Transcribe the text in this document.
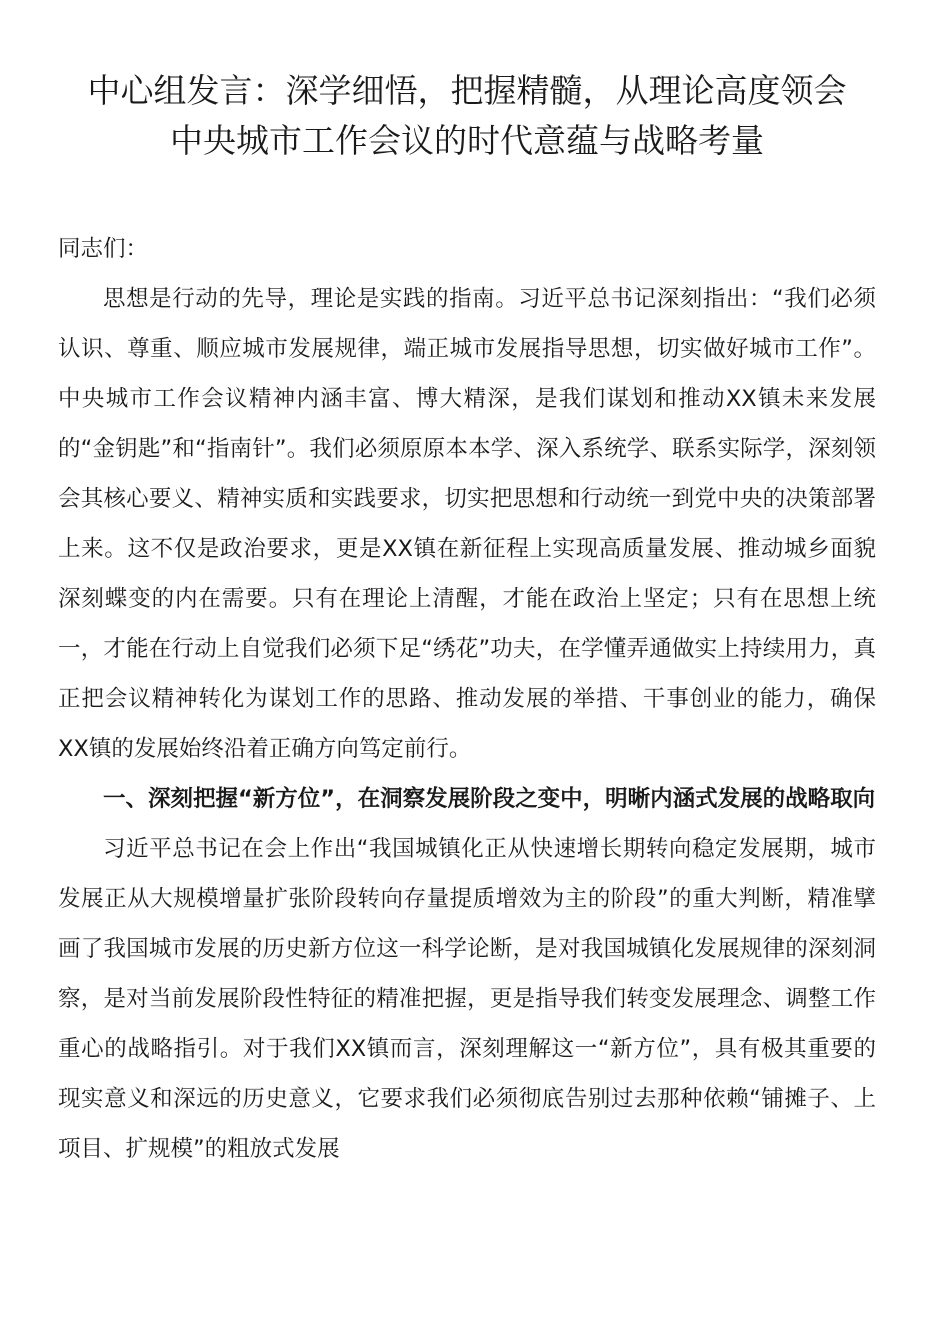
中心组发言：深学细悟，把握精髓，从理论高度领会
中央城市工作会议的时代意蕴与战略考量

同志们：

思想是行动的先导，理论是实践的指南。习近平总书记深刻指出：“我们必须认识、尊重、顺应城市发展规律，端正城市发展指导思想，切实做好城市工作”。中央城市工作会议精神内涵丰富、博大精深，是我们谋划和推动XX镇未来发展的“金钥匙”和“指南针”。我们必须原原本本学、深入系统学、联系实际学，深刻领会其核心要义、精神实质和实践要求，切实把思想和行动统一到党中央的决策部署上来。这不仅是政治要求，更是XX镇在新征程上实现高质量发展、推动城乡面貌深刻蝶变的内在需要。只有在理论上清醒，才能在政治上坚定；只有在思想上统一，才能在行动上自觉我们必须下足“绣花”功夫，在学懂弄通做实上持续用力，真正把会议精神转化为谋划工作的思路、推动发展的举措、干事创业的能力，确保XX镇的发展始终沿着正确方向笃定前行。

一、深刻把握“新方位”，在洞察发展阶段之变中，明晰内涵式发展的战略取向

习近平总书记在会上作出“我国城镇化正从快速增长期转向稳定发展期，城市发展正从大规模增量扩张阶段转向存量提质增效为主的阶段”的重大判断，精准擘画了我国城市发展的历史新方位这一科学论断，是对我国城镇化发展规律的深刻洞察，是对当前发展阶段性特征的精准把握，更是指导我们转变发展理念、调整工作重心的战略指引。对于我们XX镇而言，深刻理解这一“新方位”，具有极其重要的现实意义和深远的历史意义，它要求我们必须彻底告别过去那种依赖“铺摊子、上项目、扩规模”的粗放式发展
